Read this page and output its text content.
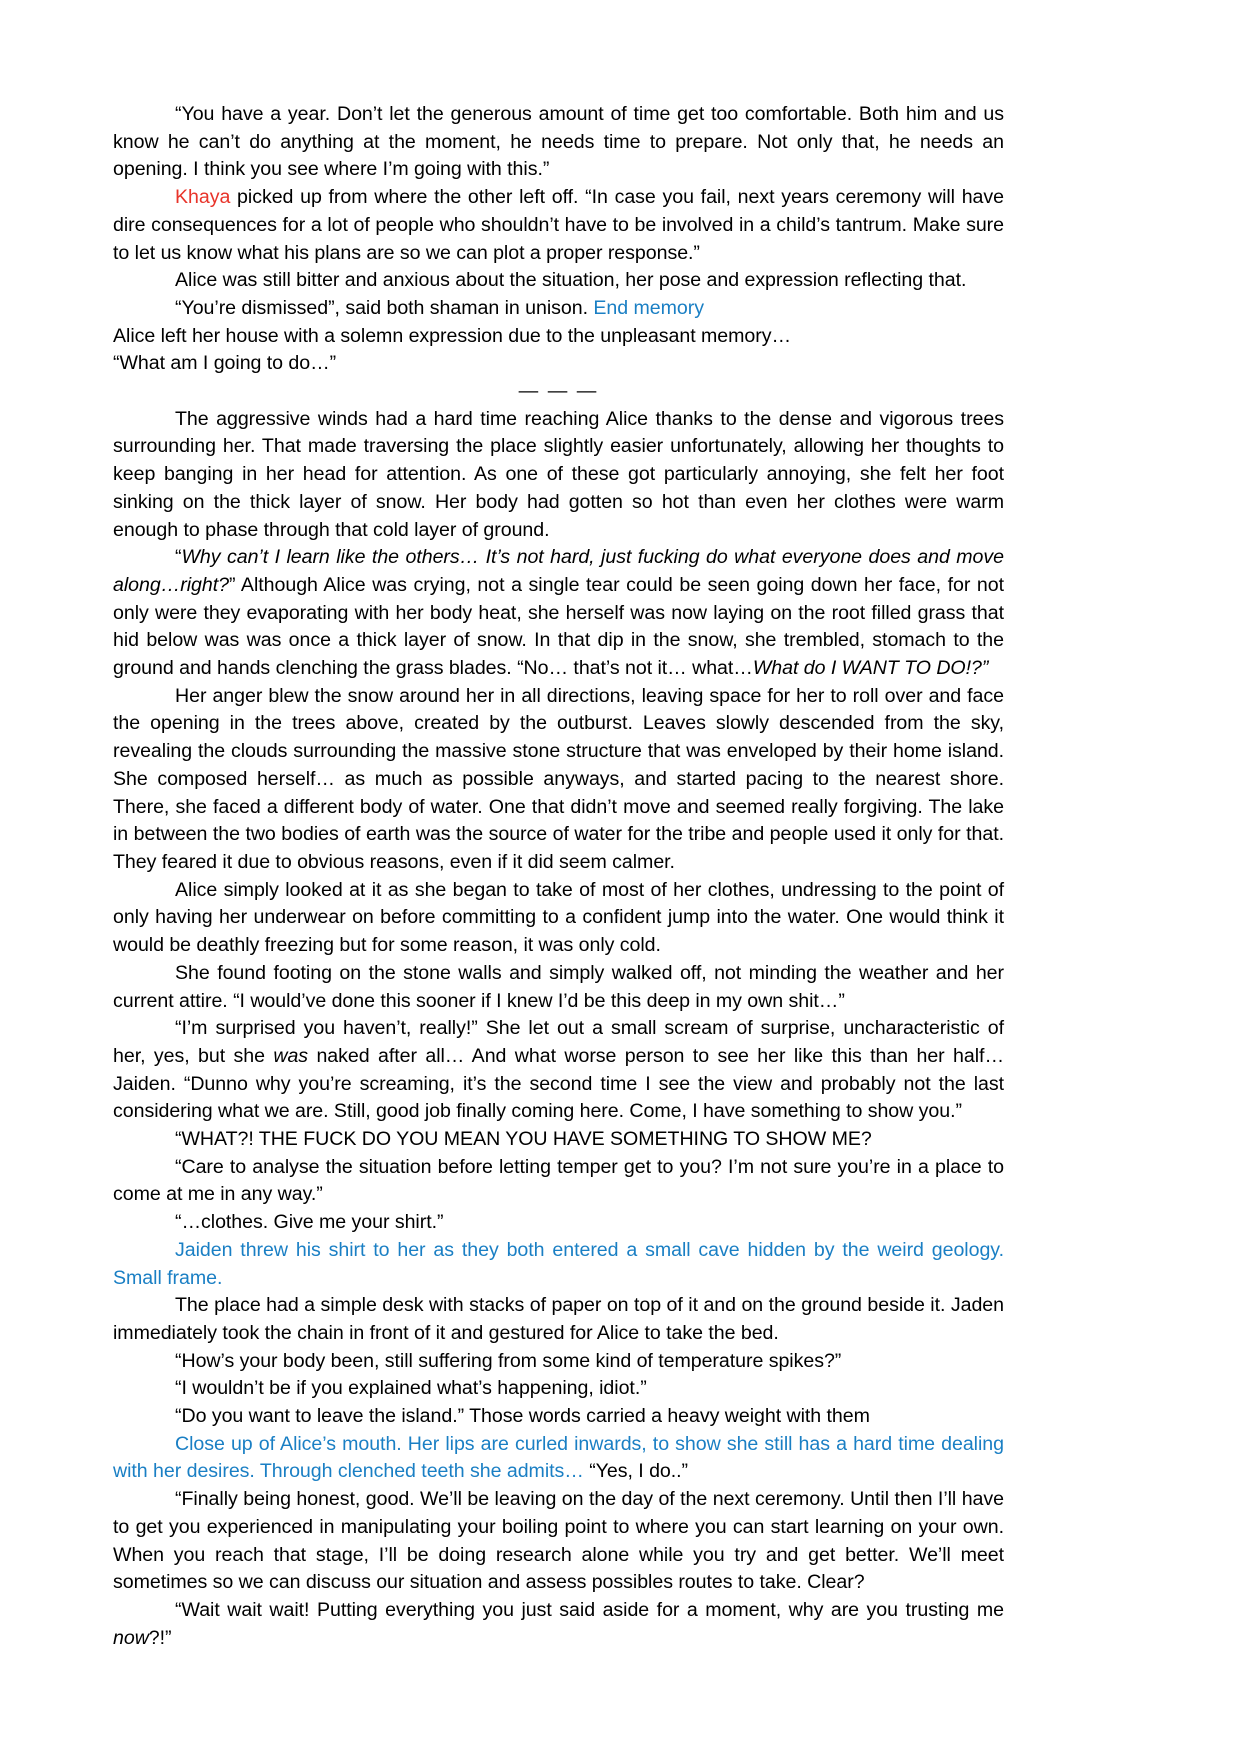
“You have a year. Don’t let the generous amount of time get too comfortable. Both him and us know he can’t do anything at the moment, he needs time to prepare. Not only that, he needs an opening. I think you see where I’m going with this.”

Khaya picked up from where the other left off. “In case you fail, next years ceremony will have dire consequences for a lot of people who shouldn’t have to be involved in a child’s tantrum. Make sure to let us know what his plans are so we can plot a proper response.”

Alice was still bitter and anxious about the situation, her pose and expression reflecting that.

“You’re dismissed”, said both shaman in unison. End memory

Alice left her house with a solemn expression due to the unpleasant memory…

“What am I going to do…”

— — —

The aggressive winds had a hard time reaching Alice thanks to the dense and vigorous trees surrounding her. That made traversing the place slightly easier unfortunately, allowing her thoughts to keep banging in her head for attention. As one of these got particularly annoying, she felt her foot sinking on the thick layer of snow. Her body had gotten so hot than even her clothes were warm enough to phase through that cold layer of ground.

“Why can’t I learn like the others… It’s not hard, just fucking do what everyone does and move along…right?” Although Alice was crying, not a single tear could be seen going down her face, for not only were they evaporating with her body heat, she herself was now laying on the root filled grass that hid below was was once a thick layer of snow. In that dip in the snow, she trembled, stomach to the ground and hands clenching the grass blades. “No… that’s not it… what…What do I WANT TO DO!?”

Her anger blew the snow around her in all directions, leaving space for her to roll over and face the opening in the trees above, created by the outburst. Leaves slowly descended from the sky, revealing the clouds surrounding the massive stone structure that was enveloped by their home island. She composed herself… as much as possible anyways, and started pacing to the nearest shore. There, she faced a different body of water. One that didn’t move and seemed really forgiving. The lake in between the two bodies of earth was the source of water for the tribe and people used it only for that. They feared it due to obvious reasons, even if it did seem calmer.

Alice simply looked at it as she began to take of most of her clothes, undressing to the point of only having her underwear on before committing to a confident jump into the water. One would think it would be deathly freezing but for some reason, it was only cold.

She found footing on the stone walls and simply walked off, not minding the weather and her current attire. “I would’ve done this sooner if I knew I’d be this deep in my own shit…”

“I’m surprised you haven’t, really!” She let out a small scream of surprise, uncharacteristic of her, yes, but she was naked after all… And what worse person to see her like this than her half… Jaiden. “Dunno why you’re screaming, it’s the second time I see the view and probably not the last considering what we are. Still, good job finally coming here. Come, I have something to show you.”

“WHAT?! THE FUCK DO YOU MEAN YOU HAVE SOMETHING TO SHOW ME?

“Care to analyse the situation before letting temper get to you? I’m not sure you’re in a place to come at me in any way.”

“…clothes. Give me your shirt.”

Jaiden threw his shirt to her as they both entered a small cave hidden by the weird geology. Small frame.

The place had a simple desk with stacks of paper on top of it and on the ground beside it. Jaden immediately took the chain in front of it and gestured for Alice to take the bed.

“How’s your body been, still suffering from some kind of temperature spikes?”

“I wouldn’t be if you explained what’s happening, idiot.”

“Do you want to leave the island.” Those words carried a heavy weight with them

Close up of Alice’s mouth. Her lips are curled inwards, to show she still has a hard time dealing with her desires. Through clenched teeth she admits… “Yes, I do..”

“Finally being honest, good. We’ll be leaving on the day of the next ceremony. Until then I’ll have to get you experienced in manipulating your boiling point to where you can start learning on your own. When you reach that stage, I’ll be doing research alone while you try and get better. We’ll meet sometimes so we can discuss our situation and assess possibles routes to take. Clear?

“Wait wait wait! Putting everything you just said aside for a moment, why are you trusting me now?!”
